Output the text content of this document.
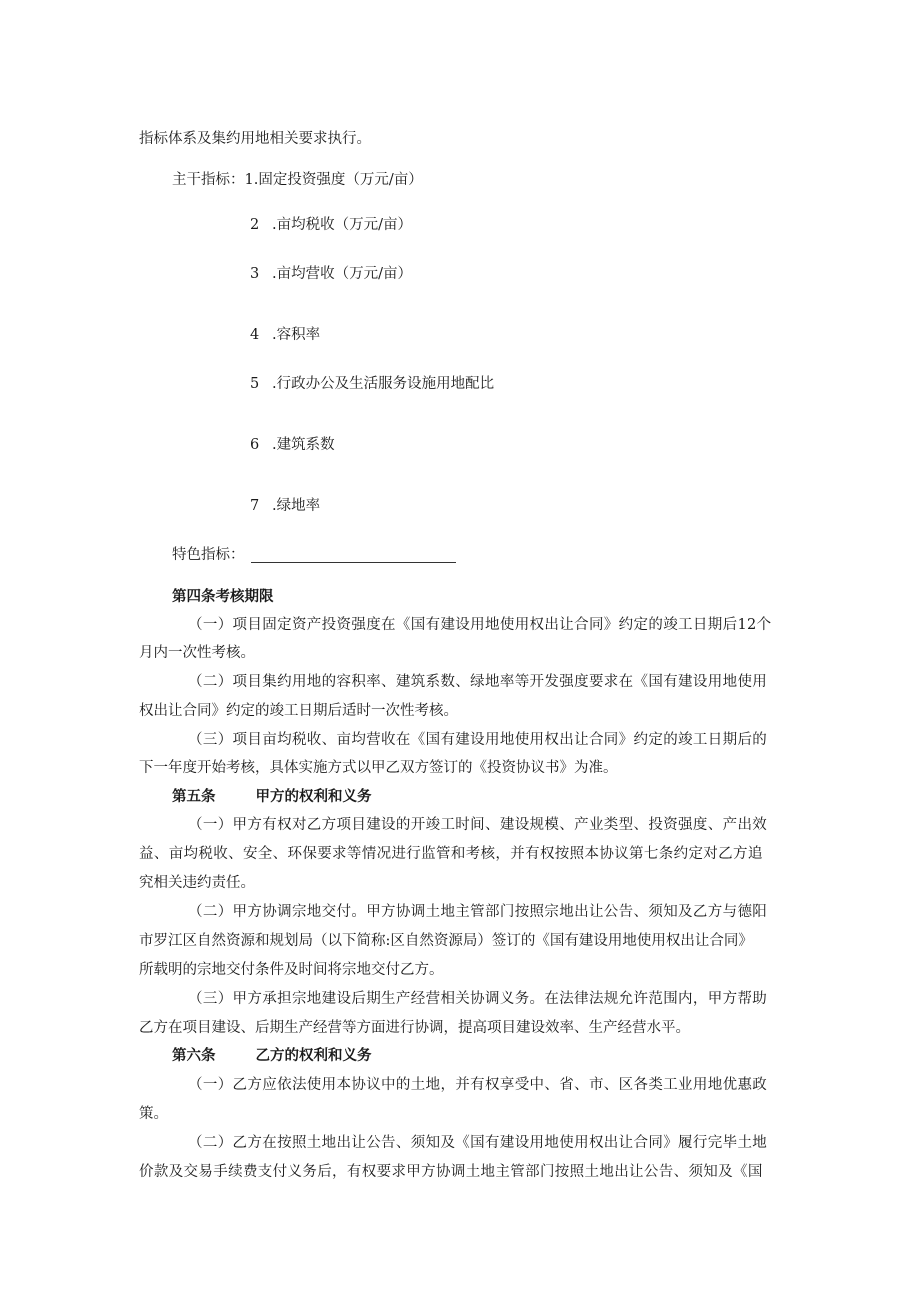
指标体系及集约用地相关要求执行。
主干指标：1.固定投资强度（万元/亩）
2 .亩均税收（万元/亩）
3 .亩均营收（万元/亩）
4 .容积率
5 .行政办公及生活服务设施用地配比
6 .建筑系数
7 .绿地率
特色指标：
第四条考核期限
（一）项目固定资产投资强度在《国有建设用地使用权出让合同》约定的竣工日期后12个
月内一次性考核。
（二）项目集约用地的容积率、建筑系数、绿地率等开发强度要求在《国有建设用地使用
权出让合同》约定的竣工日期后适时一次性考核。
（三）项目亩均税收、亩均营收在《国有建设用地使用权出让合同》约定的竣工日期后的
下一年度开始考核，具体实施方式以甲乙双方签订的《投资协议书》为准。
第五条	甲方的权利和义务
（一）甲方有权对乙方项目建设的开竣工时间、建设规模、产业类型、投资强度、产出效
益、亩均税收、安全、环保要求等情况进行监管和考核，并有权按照本协议第七条约定对乙方追
究相关违约责任。
（二）甲方协调宗地交付。甲方协调土地主管部门按照宗地出让公告、须知及乙方与德阳
市罗江区自然资源和规划局（以下简称:区自然资源局）签订的《国有建设用地使用权出让合同》
所载明的宗地交付条件及时间将宗地交付乙方。
（三）甲方承担宗地建设后期生产经营相关协调义务。在法律法规允许范围内，甲方帮助
乙方在项目建设、后期生产经营等方面进行协调，提高项目建设效率、生产经营水平。
第六条	乙方的权利和义务
（一）乙方应依法使用本协议中的土地，并有权享受中、省、市、区各类工业用地优惠政
策。
（二）乙方在按照土地出让公告、须知及《国有建设用地使用权出让合同》履行完毕土地
价款及交易手续费支付义务后，有权要求甲方协调土地主管部门按照土地出让公告、须知及《国
